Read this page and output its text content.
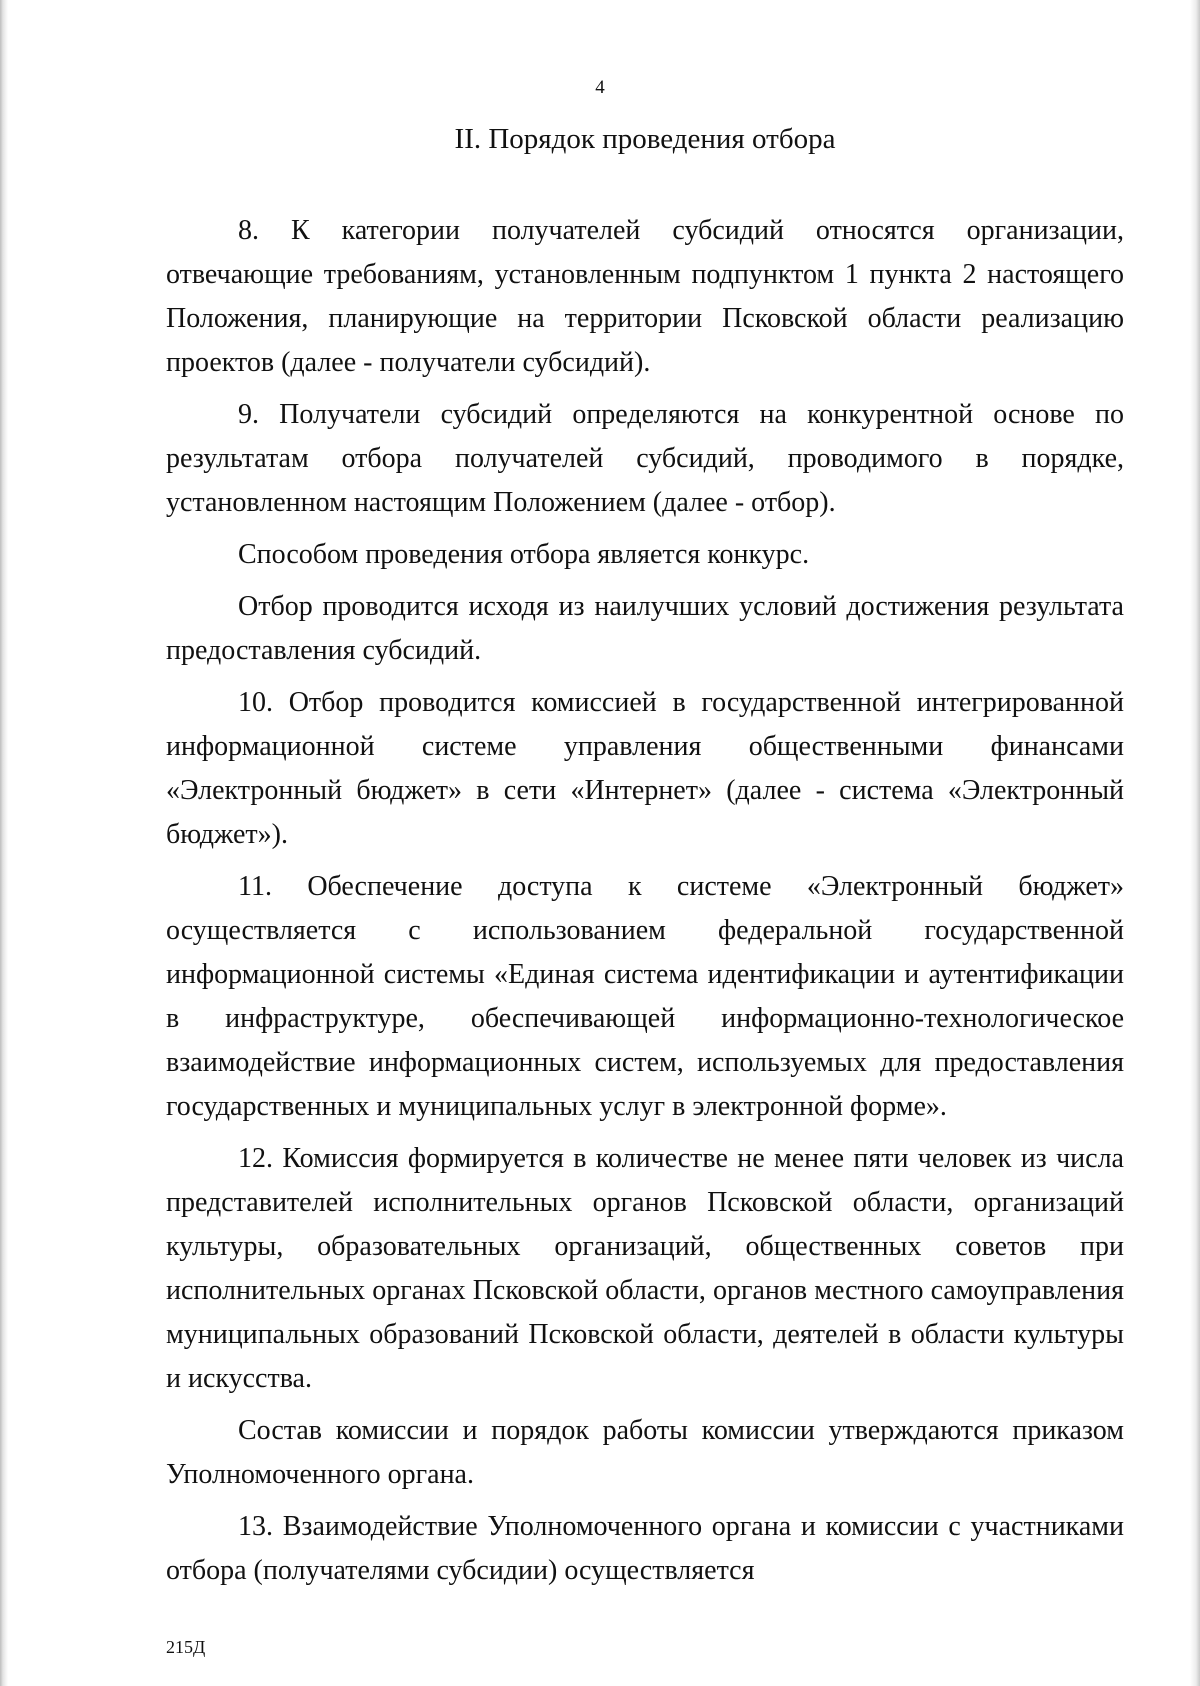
4
II. Порядок проведения отбора

8. К категории получателей субсидий относятся организации, отвечающие требованиям, установленным подпунктом 1 пункта 2 настоящего Положения, планирующие на территории Псковской области реализацию проектов (далее - получатели субсидий).

9. Получатели субсидий определяются на конкурентной основе по результатам отбора получателей субсидий, проводимого в порядке, установленном настоящим Положением (далее - отбор).

Способом проведения отбора является конкурс.

Отбор проводится исходя из наилучших условий достижения результата предоставления субсидий.

10. Отбор проводится комиссией в государственной интегрированной информационной системе управления общественными финансами «Электронный бюджет» в сети «Интернет» (далее - система «Электронный бюджет»).

11. Обеспечение доступа к системе «Электронный бюджет» осуществляется с использованием федеральной государственной информационной системы «Единая система идентификации и аутентификации в инфраструктуре, обеспечивающей информационно-технологическое взаимодействие информационных систем, используемых для предоставления государственных и муниципальных услуг в электронной форме».

12. Комиссия формируется в количестве не менее пяти человек из числа представителей исполнительных органов Псковской области, организаций культуры, образовательных организаций, общественных советов при исполнительных органах Псковской области, органов местного самоуправления муниципальных образований Псковской области, деятелей в области культуры и искусства.

Состав комиссии и порядок работы комиссии утверждаются приказом Уполномоченного органа.

13. Взаимодействие Уполномоченного органа и комиссии с участниками отбора (получателями субсидии) осуществляется

215Д
